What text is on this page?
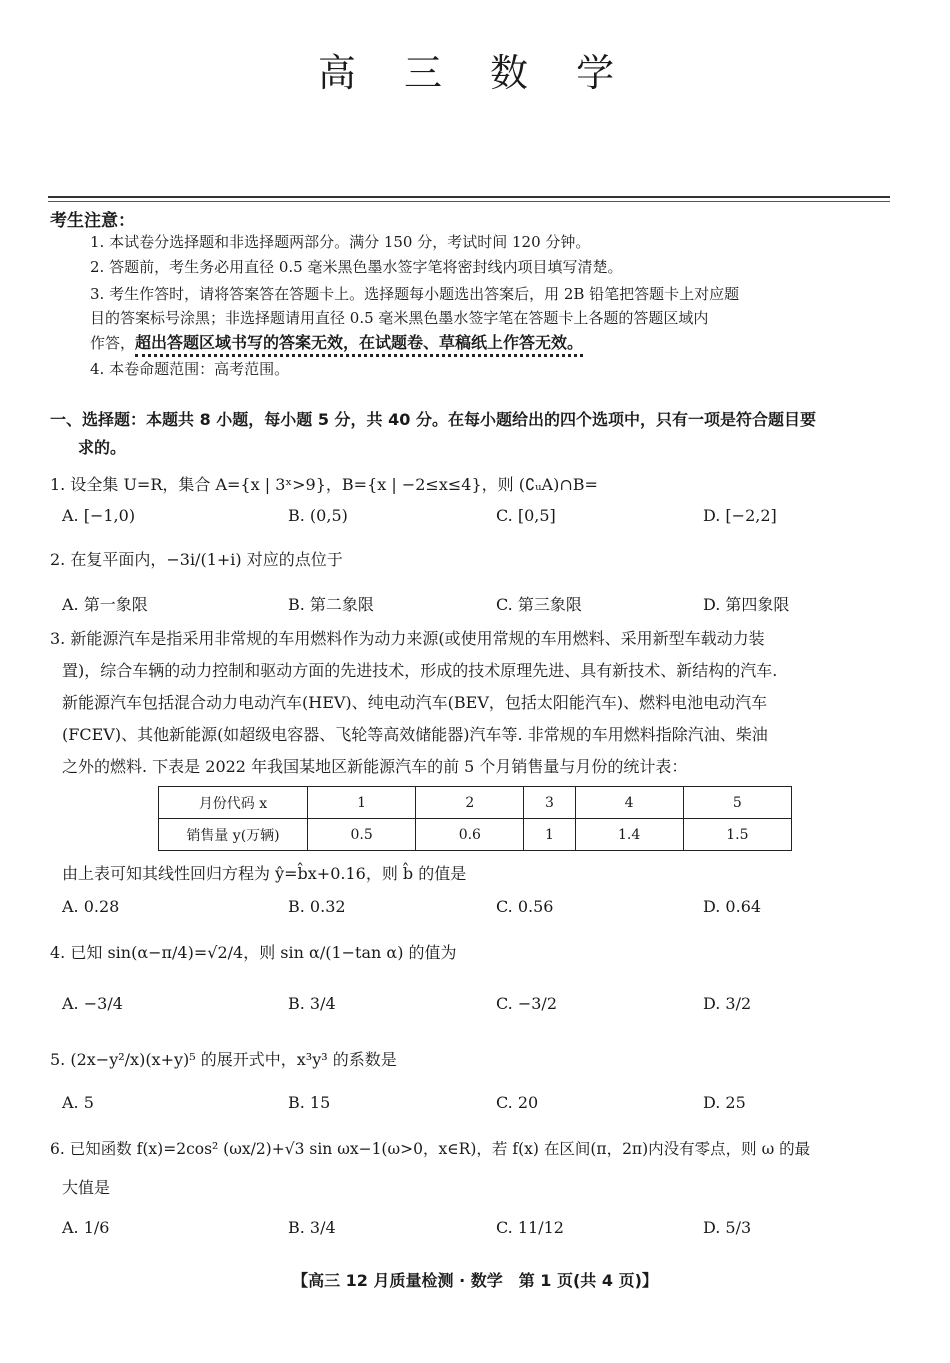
高 三 数 学
考生注意：
1. 本试卷分选择题和非选择题两部分。满分 150 分，考试时间 120 分钟。
2. 答题前，考生务必用直径 0.5 毫米黑色墨水签字笔将密封线内项目填写清楚。
3. 考生作答时，请将答案答在答题卡上。选择题每小题选出答案后，用 2B 铅笔把答题卡上对应题
目的答案标号涂黑；非选择题请用直径 0.5 毫米黑色墨水签字笔在答题卡上各题的答题区域内
作答，超出答题区域书写的答案无效，在试题卷、草稿纸上作答无效。
4. 本卷命题范围：高考范围。
一、选择题：本题共 8 小题，每小题 5 分，共 40 分。在每小题给出的四个选项中，只有一项是符合题目要
求的。
1. 设全集 U=R，集合 A={x | 3ˣ>9}，B={x | −2≤x≤4}，则 (∁ᵤA)∩B=
A. [−1,0)	B. (0,5)	C. [0,5]	D. [−2,2]
2. 在复平面内，−3i/(1+i) 对应的点位于
A. 第一象限	B. 第二象限	C. 第三象限	D. 第四象限
3. 新能源汽车是指采用非常规的车用燃料作为动力来源(或使用常规的车用燃料、采用新型车载动力装
置)，综合车辆的动力控制和驱动方面的先进技术，形成的技术原理先进、具有新技术、新结构的汽车.
新能源汽车包括混合动力电动汽车(HEV)、纯电动汽车(BEV，包括太阳能汽车)、燃料电池电动汽车
(FCEV)、其他新能源(如超级电容器、飞轮等高效储能器)汽车等. 非常规的车用燃料指除汽油、柴油
之外的燃料. 下表是 2022 年我国某地区新能源汽车的前 5 个月销售量与月份的统计表：
月份代码 x	1	2	3	4	5
销售量 y(万辆)	0.5	0.6	1	1.4	1.5
由上表可知其线性回归方程为 ŷ=b̂x+0.16，则 b̂ 的值是
A. 0.28	B. 0.32	C. 0.56	D. 0.64
4. 已知 sin(α−π/4)=√2/4，则 sin α/(1−tan α) 的值为
A. −3/4	B. 3/4	C. −3/2	D. 3/2
5. (2x−y²/x)(x+y)⁵ 的展开式中，x³y³ 的系数是
A. 5	B. 15	C. 20	D. 25
6. 已知函数 f(x)=2cos² (ωx/2)+√3 sin ωx−1(ω>0，x∈R)，若 f(x) 在区间(π，2π)内没有零点，则 ω 的最
大值是
A. 1/6	B. 3/4	C. 11/12	D. 5/3
【高三 12 月质量检测 · 数学　第 1 页(共 4 页)】
